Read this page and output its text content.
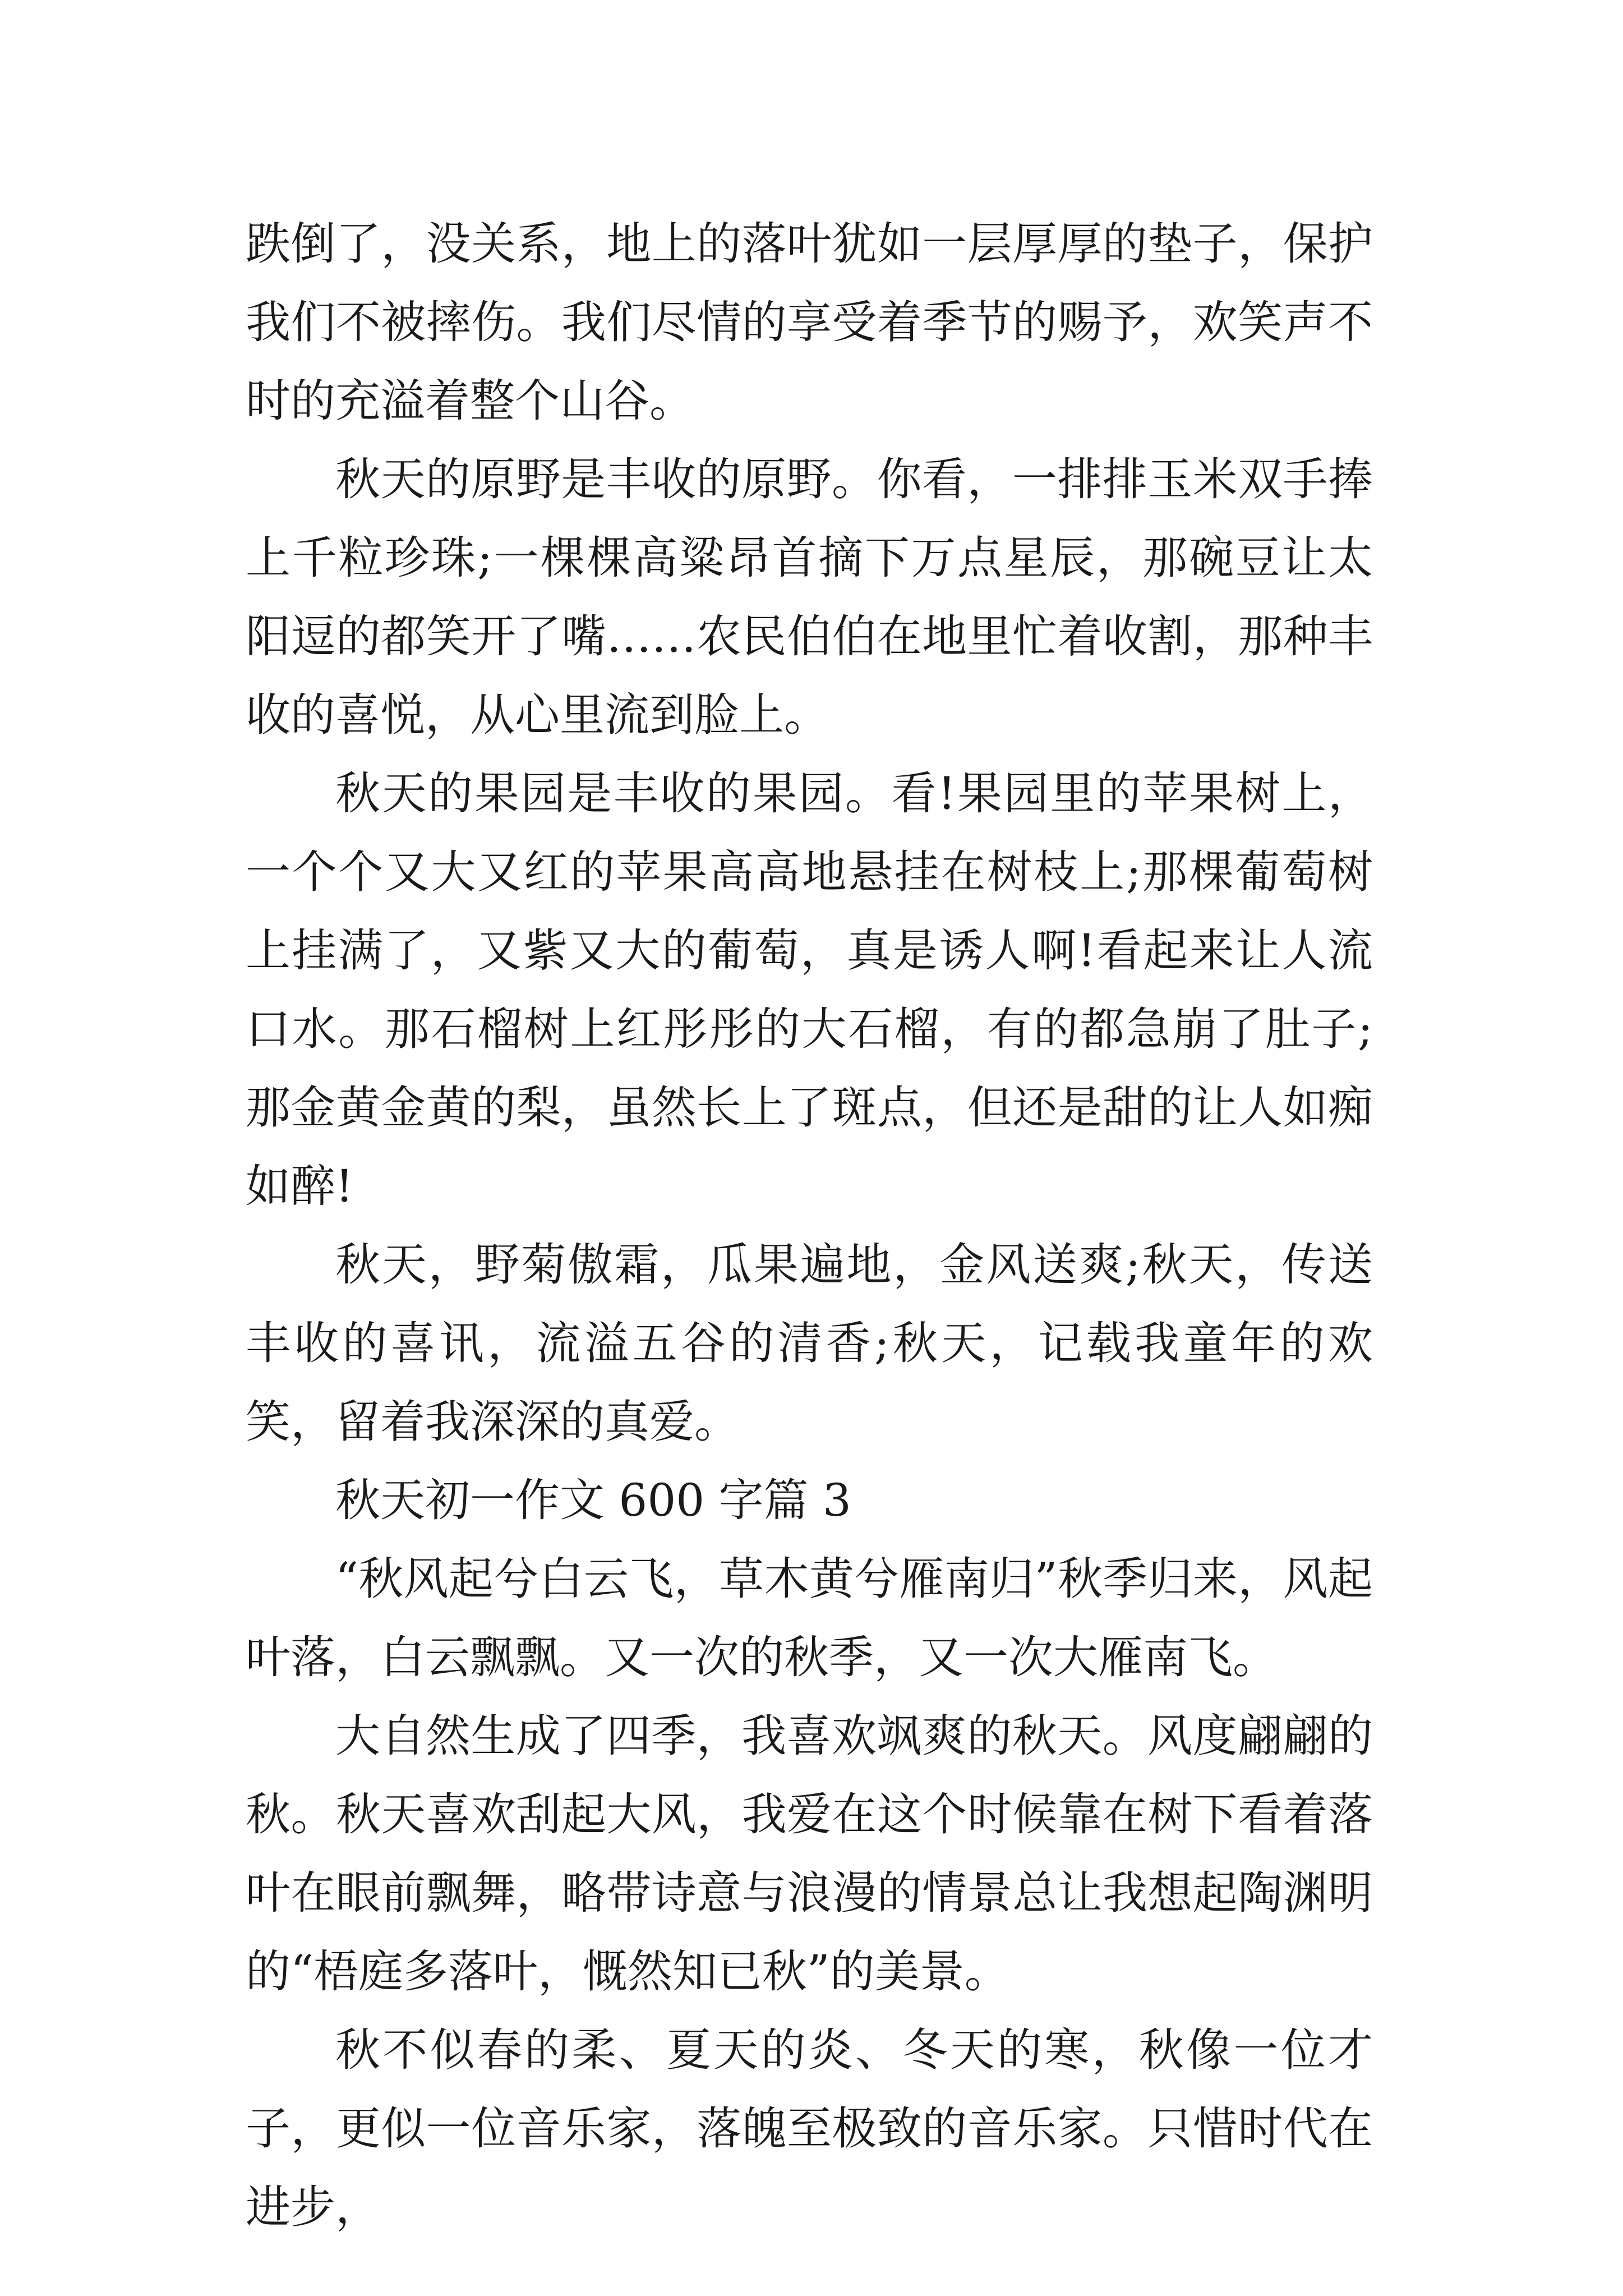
跌倒了，没关系，地上的落叶犹如一层厚厚的垫子，保护我们不被摔伤。我们尽情的享受着季节的赐予，欢笑声不时的充溢着整个山谷。

秋天的原野是丰收的原野。你看，一排排玉米双手捧上千粒珍珠;一棵棵高粱昂首摘下万点星辰，那碗豆让太阳逗的都笑开了嘴……农民伯伯在地里忙着收割，那种丰收的喜悦，从心里流到脸上。

秋天的果园是丰收的果园。看!果园里的苹果树上，一个个又大又红的苹果高高地悬挂在树枝上;那棵葡萄树上挂满了，又紫又大的葡萄，真是诱人啊!看起来让人流口水。那石榴树上红彤彤的大石榴，有的都急崩了肚子;那金黄金黄的梨，虽然长上了斑点，但还是甜的让人如痴如醉!

秋天，野菊傲霜，瓜果遍地，金风送爽;秋天，传送丰收的喜讯，流溢五谷的清香;秋天，记载我童年的欢笑，留着我深深的真爱。

秋天初一作文 600 字篇 3

“秋风起兮白云飞，草木黄兮雁南归”秋季归来，风起叶落，白云飘飘。又一次的秋季，又一次大雁南飞。

大自然生成了四季，我喜欢飒爽的秋天。风度翩翩的秋。秋天喜欢刮起大风，我爱在这个时候靠在树下看着落叶在眼前飘舞，略带诗意与浪漫的情景总让我想起陶渊明的“梧庭多落叶，慨然知已秋”的美景。

秋不似春的柔、夏天的炎、冬天的寒，秋像一位才子，更似一位音乐家，落魄至极致的音乐家。只惜时代在进步，
